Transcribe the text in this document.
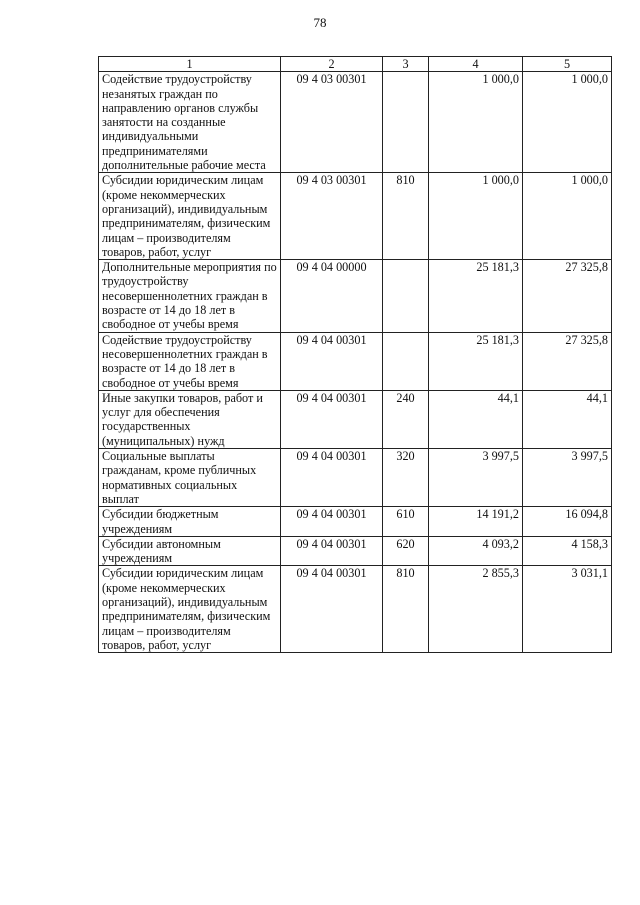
78
1	2	3	4	5
Содействие трудоустройству незанятых граждан по направлению органов службы занятости на созданные индивидуальными предпринимателями дополнительные рабочие места	09 4 03 00301		1 000,0	1 000,0
Субсидии юридическим лицам (кроме некоммерческих организаций), индивидуальным предпринимателям, физическим лицам – производителям товаров, работ, услуг	09 4 03 00301	810	1 000,0	1 000,0
Дополнительные мероприятия по трудоустройству несовершеннолетних граждан в возрасте от 14 до 18 лет в свободное от учебы время	09 4 04 00000		25 181,3	27 325,8
Содействие трудоустройству несовершеннолетних граждан в возрасте от 14 до 18 лет в свободное от учебы время	09 4 04 00301		25 181,3	27 325,8
Иные закупки товаров, работ и услуг для обеспечения государственных (муниципальных) нужд	09 4 04 00301	240	44,1	44,1
Социальные выплаты гражданам, кроме публичных нормативных социальных выплат	09 4 04 00301	320	3 997,5	3 997,5
Субсидии бюджетным учреждениям	09 4 04 00301	610	14 191,2	16 094,8
Субсидии автономным учреждениям	09 4 04 00301	620	4 093,2	4 158,3
Субсидии юридическим лицам (кроме некоммерческих организаций), индивидуальным предпринимателям, физическим лицам – производителям товаров, работ, услуг	09 4 04 00301	810	2 855,3	3 031,1
